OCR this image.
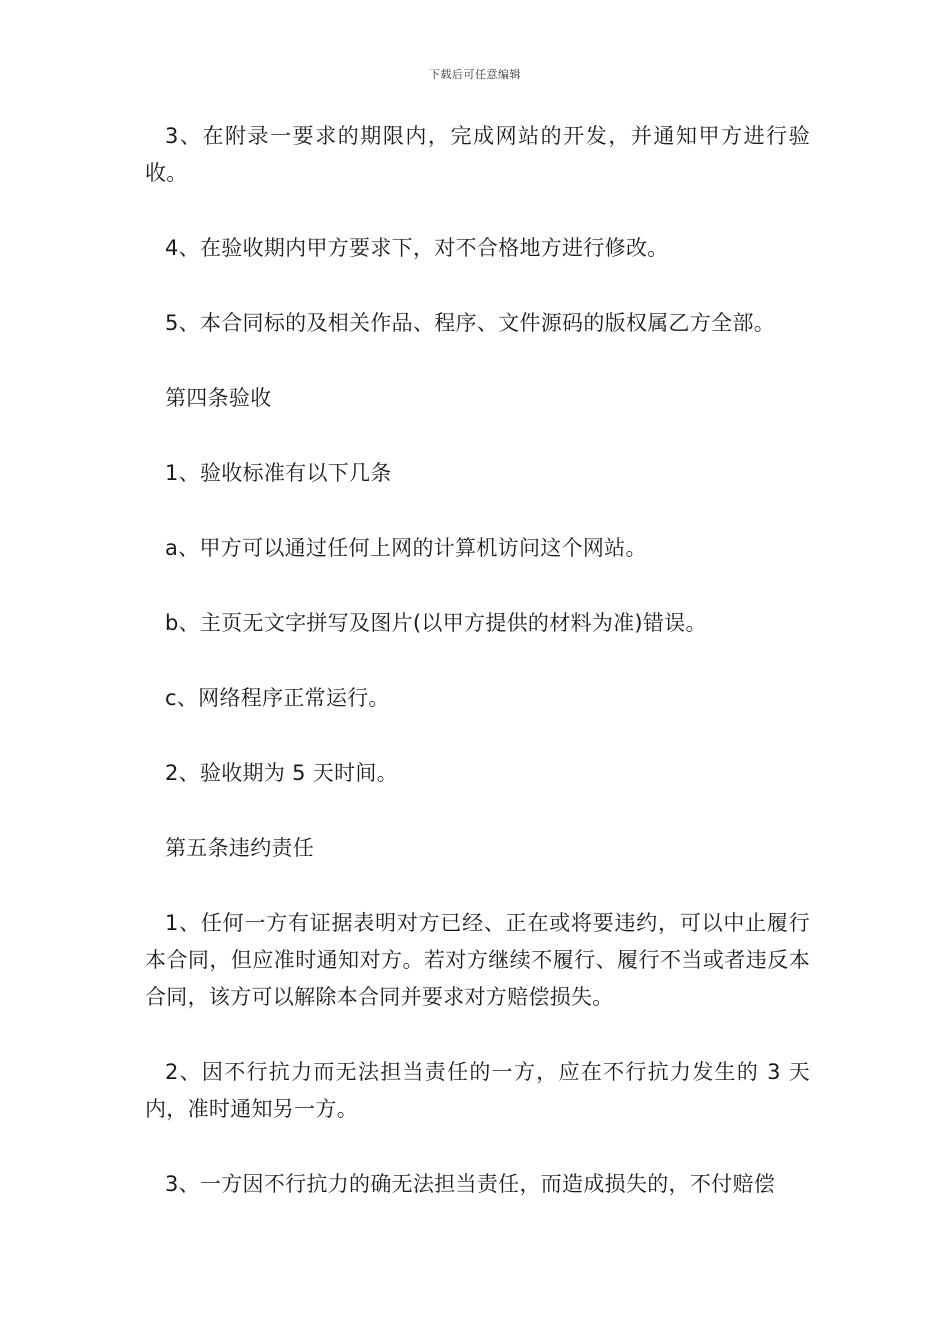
下载后可任意编辑

3、在附录一要求的期限内，完成网站的开发，并通知甲方进行验收。

4、在验收期内甲方要求下，对不合格地方进行修改。

5、本合同标的及相关作品、程序、文件源码的版权属乙方全部。

第四条验收

1、验收标准有以下几条

a、甲方可以通过任何上网的计算机访问这个网站。

b、主页无文字拼写及图片(以甲方提供的材料为准)错误。

c、网络程序正常运行。

2、验收期为 5 天时间。

第五条违约责任

1、任何一方有证据表明对方已经、正在或将要违约，可以中止履行本合同，但应准时通知对方。若对方继续不履行、履行不当或者违反本合同，该方可以解除本合同并要求对方赔偿损失。

2、因不行抗力而无法担当责任的一方，应在不行抗力发生的 3 天内，准时通知另一方。

3、一方因不行抗力的确无法担当责任，而造成损失的，不付赔偿
